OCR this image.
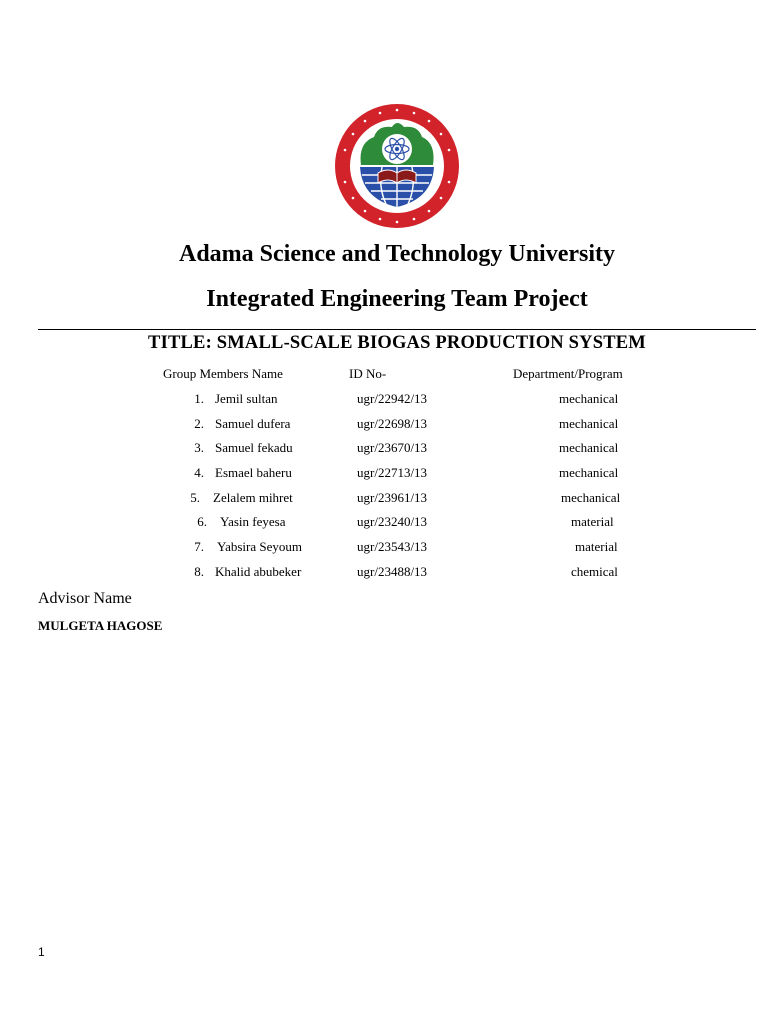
Adama Science and Technology University
Integrated Engineering Team Project
TITLE: SMALL-SCALE BIOGAS PRODUCTION SYSTEM
Group Members Name	ID No-	Department/Program
1. Jemil sultan	ugr/22942/13	mechanical
2. Samuel dufera	ugr/22698/13	mechanical
3. Samuel fekadu	ugr/23670/13	mechanical
4. Esmael baheru	ugr/22713/13	mechanical
5. Zelalem mihret	ugr/23961/13	mechanical
6. Yasin feyesa	ugr/23240/13	material
7. Yabsira Seyoum	ugr/23543/13	material
8. Khalid abubeker	ugr/23488/13	chemical
Advisor Name
MULGETA HAGOSE
1
